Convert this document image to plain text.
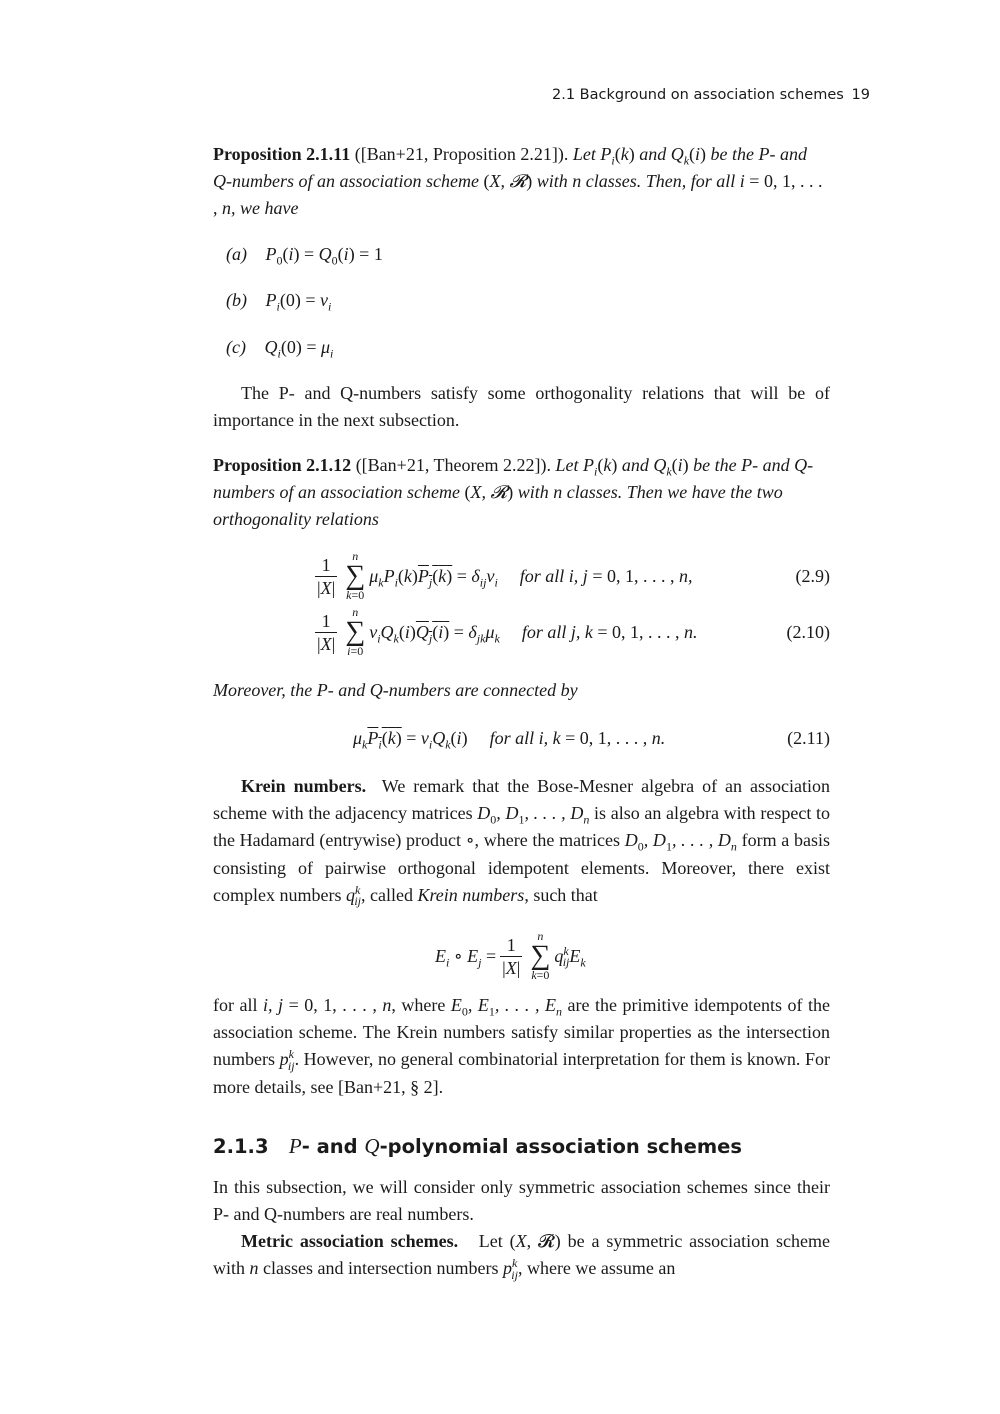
2.1 Background on association schemes 19
Proposition 2.1.11 ([Ban+21, Proposition 2.21]). Let $P_i(k)$ and $Q_k(i)$ be the P- and Q-numbers of an association scheme (X, 𝓡) with n classes. Then, for all i = 0, 1, . . . , n, we have
(a) $P_0(i) = Q_0(i) = 1$
(b) $P_i(0) = v_i$
(c) $Q_i(0) = \mu_i$
The P- and Q-numbers satisfy some orthogonality relations that will be of importance in the next subsection.
Proposition 2.1.12 ([Ban+21, Theorem 2.22]). Let $P_i(k)$ and $Q_k(i)$ be the P- and Q-numbers of an association scheme (X, 𝓡) with n classes. Then we have the two orthogonality relations
$\frac{1}{|X|}$ n
∑
k=0
$\mu_kP_i(k)P_j(k) = \delta_{ij}v_i$ for all i, j = 0, 1, . . . , n,	(2.9)
$\frac{1}{|X|}$ n
∑
i=0
$v_iQ_k(i)Q_j(i) = \delta_{jk}\mu_k$ for all j, k = 0, 1, . . . , n.	(2.10)
Moreover, the P- and Q-numbers are connected by
$\mu_kP_i(k) = v_iQ_k(i)$ for all i, k = 0, 1, . . . , n.	(2.11)
Krein numbers.  We remark that the Bose-Mesner algebra of an association scheme with the adjacency matrices $D_0$, $D_1$, . . . , $D_n$ is also an algebra with respect to the Hadamard (entrywise) product ∘, where the matrices $D_0$, $D_1$, . . . , $D_n$ form a basis consisting of pairwise orthogonal idempotent elements. Moreover, there exist complex numbers $q^k_{ij}$, called Krein numbers, such that
$E_i$ ∘ $E_j = \frac{1}{|X|}$ n
∑
k=0
$q^k_{ij}E_k$
for all i, j = 0, 1, . . . , n, where $E_0$, $E_1$, . . . , $E_n$ are the primitive idempotents of the association scheme. The Krein numbers satisfy similar properties as the intersection numbers $p^k_{ij}$. However, no general combinatorial interpretation for them is known. For more details, see [Ban+21, § 2].
2.1.3 P- and Q-polynomial association schemes
In this subsection, we will consider only symmetric association schemes since their P- and Q-numbers are real numbers.
Metric association schemes.   Let (X, 𝓡) be a symmetric association scheme with n classes and intersection numbers $p^k_{ij}$, where we assume an
